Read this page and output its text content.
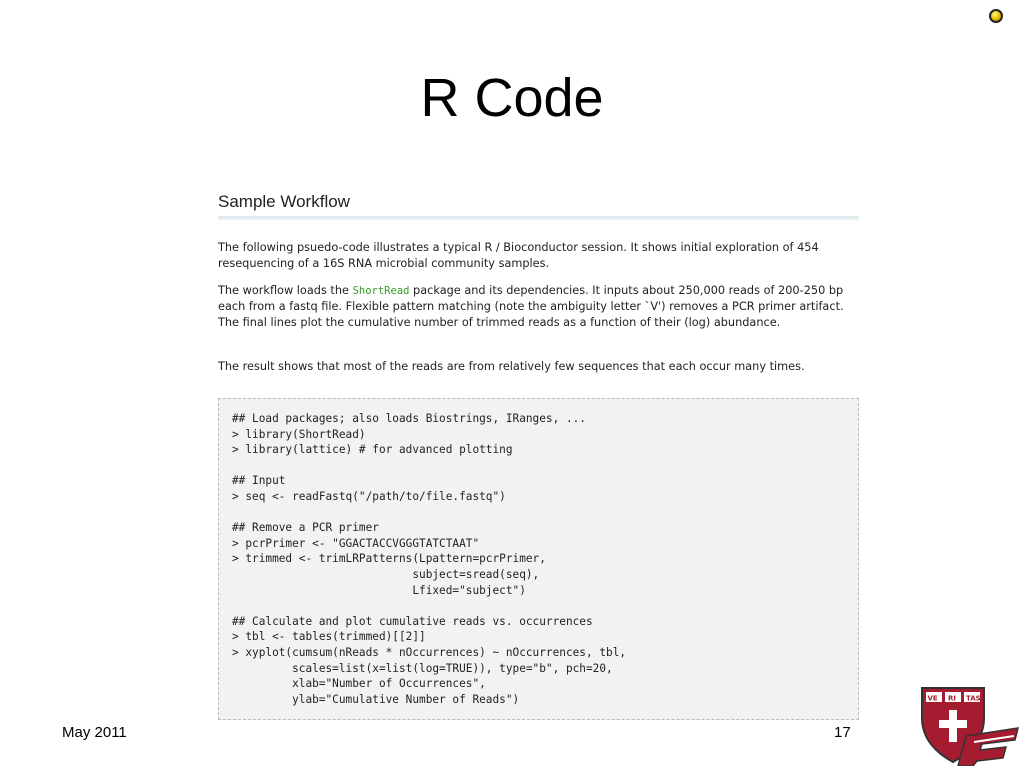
R Code
Sample Workflow
The following psuedo-code illustrates a typical R / Bioconductor session. It shows initial exploration of 454 resequencing of a 16S RNA microbial community samples.
The workflow loads the ShortRead package and its dependencies. It inputs about 250,000 reads of 200-250 bp each from a fastq file. Flexible pattern matching (note the ambiguity letter `V') removes a PCR primer artifact. The final lines plot the cumulative number of trimmed reads as a function of their (log) abundance.
The result shows that most of the reads are from relatively few sequences that each occur many times.
## Load packages; also loads Biostrings, IRanges, ...
> library(ShortRead)
> library(lattice) # for advanced plotting

## Input
> seq <- readFastq("/path/to/file.fastq")

## Remove a PCR primer
> pcrPrimer <- "GGACTACCVGGGTATCTAAT"
> trimmed <- trimLRPatterns(Lpattern=pcrPrimer,
subject=sread(seq),
Lfixed="subject")

## Calculate and plot cumulative reads vs. occurrences
> tbl <- tables(trimmed)[[2]]
> xyplot(cumsum(nReads * nOccurrences) ~ nOccurrences, tbl,
scales=list(x=list(log=TRUE)), type="b", pch=20,
xlab="Number of Occurrences",
ylab="Cumulative Number of Reads")
May 2011	17
VE RI TAS
